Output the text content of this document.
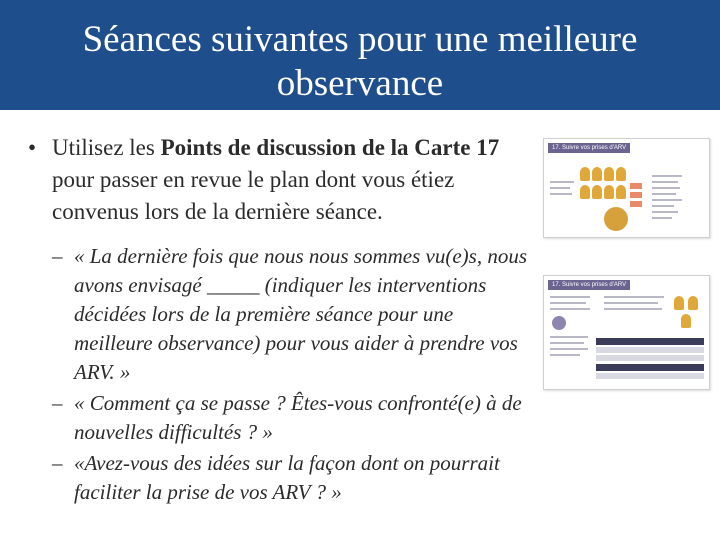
Séances suivantes pour une meilleure
observance
• Utilisez les Points de discussion de la Carte 17 pour passer en revue le plan dont vous étiez convenus lors de la dernière séance.
– « La dernière fois que nous nous sommes vu(e)s, nous avons envisagé _____ (indiquer les interventions décidées lors de la première séance pour une meilleure observance) pour vous aider à prendre vos ARV. »
– « Comment ça se passe ? Êtes-vous confronté(e) à de nouvelles difficultés ? »
– «Avez-vous des idées sur la façon dont on pourrait faciliter la prise de vos ARV ? »
17. Suivre vos prises d'ARV
17. Suivre vos prises d'ARV
